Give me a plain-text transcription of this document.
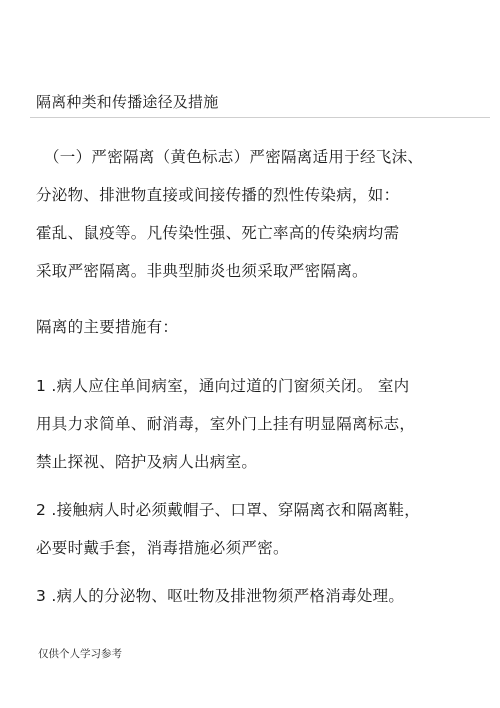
隔离种类和传播途径及措施
（一）严密隔离（黄色标志）严密隔离适用于经飞沫、
分泌物、排泄物直接或间接传播的烈性传染病，如：
霍乱、鼠疫等。凡传染性强、死亡率高的传染病均需
采取严密隔离。非典型肺炎也须采取严密隔离。
隔离的主要措施有：
1 .病人应住单间病室，通向过道的门窗须关闭。 室内
用具力求简单、耐消毒，室外门上挂有明显隔离标志，
禁止探视、陪护及病人出病室。
2 .接触病人时必须戴帽子、口罩、穿隔离衣和隔离鞋，
必要时戴手套，消毒措施必须严密。
3 .病人的分泌物、呕吐物及排泄物须严格消毒处理。
仅供个人学习参考
